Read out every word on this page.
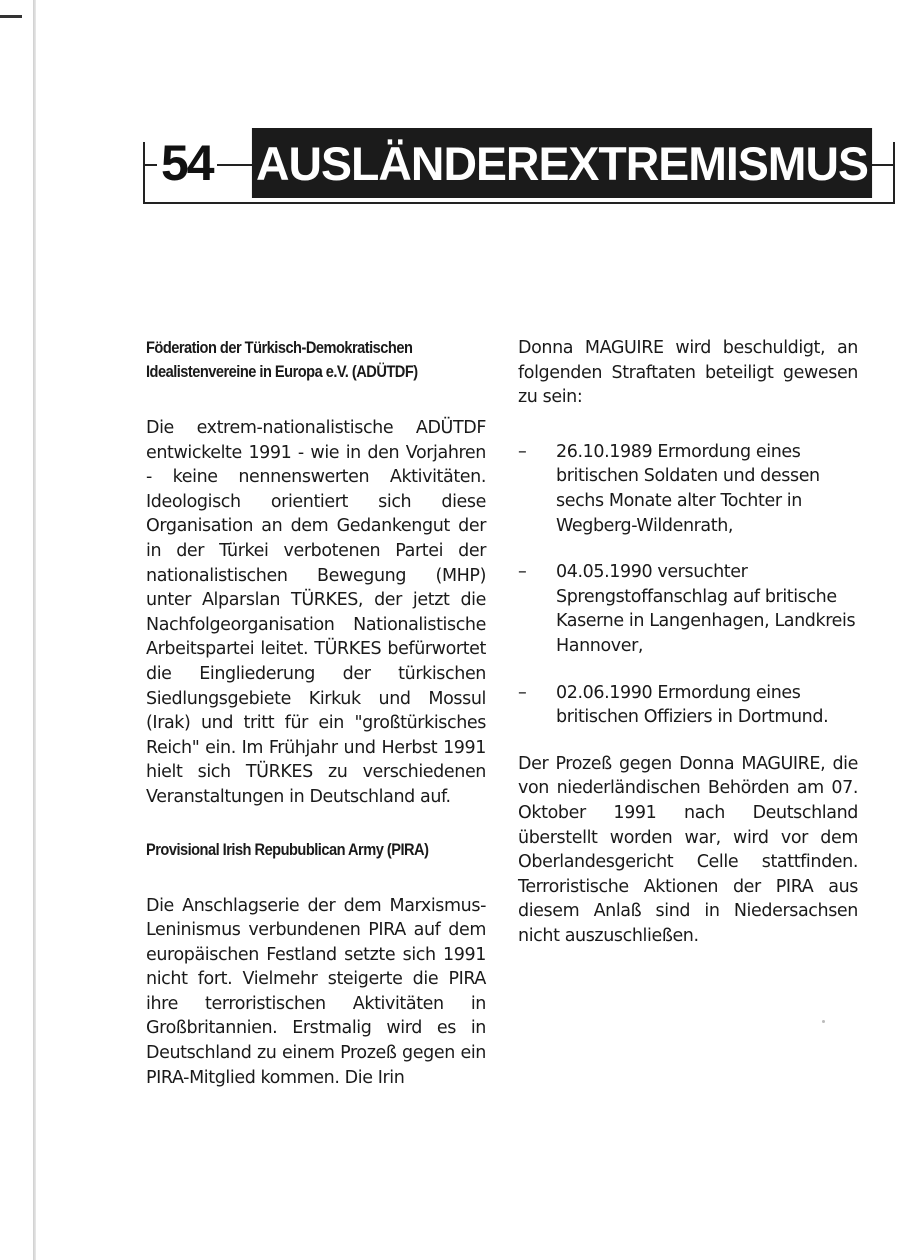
54 AUSLÄNDEREXTREMISMUS
Föderation der Türkisch-Demokratischen Idealistenvereine in Europa e.V. (ADÜTDF)

Die extrem-nationalistische ADÜTDF entwickelte 1991 - wie in den Vorjahren - keine nennenswerten Aktivitäten. Ideologisch orientiert sich diese Organisation an dem Gedankengut der in der Türkei verbotenen Partei der nationalistischen Bewegung (MHP) unter Alparslan TÜRKES, der jetzt die Nachfolgeorganisation Nationalistische Arbeitspartei leitet. TÜRKES befürwortet die Eingliederung der türkischen Siedlungsgebiete Kirkuk und Mossul (Irak) und tritt für ein "großtürkisches Reich" ein. Im Frühjahr und Herbst 1991 hielt sich TÜRKES zu verschiedenen Veranstaltungen in Deutschland auf.

Provisional Irish Repubublican Army (PIRA)

Die Anschlagserie der dem Marxismus-Leninismus verbundenen PIRA auf dem europäischen Festland setzte sich 1991 nicht fort. Vielmehr steigerte die PIRA ihre terroristischen Aktivitäten in Großbritannien. Erstmalig wird es in Deutschland zu einem Prozeß gegen ein PIRA-Mitglied kommen. Die Irin

Donna MAGUIRE wird beschuldigt, an folgenden Straftaten beteiligt gewesen zu sein:

– 26.10.1989 Ermordung eines britischen Soldaten und dessen sechs Monate alter Tochter in Wegberg-Wildenrath,
– 04.05.1990 versuchter Sprengstoffanschlag auf britische Kaserne in Langenhagen, Landkreis Hannover,
– 02.06.1990 Ermordung eines britischen Offiziers in Dortmund.

Der Prozeß gegen Donna MAGUIRE, die von niederländischen Behörden am 07. Oktober 1991 nach Deutschland überstellt worden war, wird vor dem Oberlandesgericht Celle stattfinden. Terroristische Aktionen der PIRA aus diesem Anlaß sind in Niedersachsen nicht auszuschließen.
